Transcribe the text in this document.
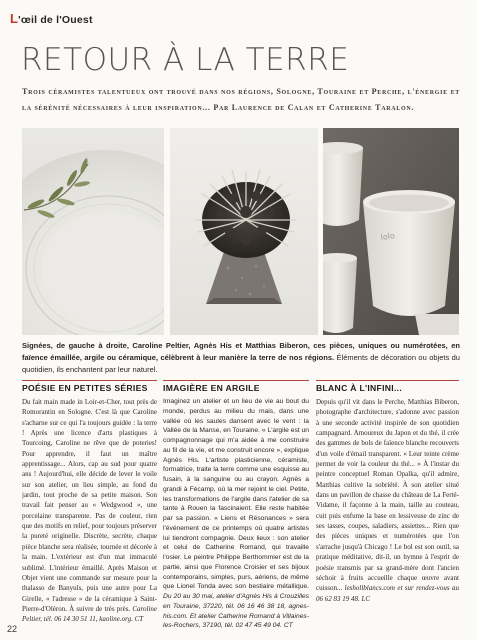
L'œil de l'Ouest
RETOUR À LA TERRE
Trois céramistes talentueux ont trouvé dans nos régions, Sologne, Touraine et Perche, l'énergie et la sérénité nécessaires à leur inspiration... Par Laurence de Calan et Catherine Taralon.
lolo
Signées, de gauche à droite, Caroline Peltier, Agnès His et Matthias Biberon, ces pièces, uniques ou numérotées, en faïence émaillée, argile ou céramique, célèbrent à leur manière la terre de nos régions. Éléments de décoration ou objets du quotidien, ils enchantent par leur naturel.
POÉSIE EN PETITES SÉRIES

Du fait main made in Loir-et-Cher, tout près de Romorantin en Sologne. C'est là que Caroline s'acharne sur ce qui l'a toujours guidée : la terre ! Après une licence d'arts plastiques à Tourcoing, Caroline ne rêve que de poteries! Pour apprendre, il faut un maître apprentissage... Alors, cap au sud pour quatre ans ! Aujourd'hui, elle décide de lever le voile sur son atelier, un lieu simple, au fond du jardin, tout proche de sa petite maison. Son travail fait penser au « Wedgwood », une porcelaine transparente. Pas de couleur, rien que des motifs en relief, pour toujours préserver la pureté originelle. Discrète, secrète, chaque pièce blanche sera réalisée, tournée et décorée à la main. L'extérieur est d'un mat immaculé sublimé. L'intérieur émaillé. Après Maison et Objet vient une commande sur mesure pour la thalasso de Banyuls, puis une autre pour La Girelle, « l'adresse » de la céramique à Saint-Pierre-d'Oléron. À suivre de très près. Caroline Peltier, tél. 06 14 30 51 11, kaoline.org. CT

IMAGIÈRE EN ARGILE

Imaginez un atelier et un lieu de vie au bout du monde, perdus au milieu du mais, dans une vallée où les saules dansent avec le vent : la Vallée de la Manse, en Touraine. « L'argile est un compagnonnage qui m'a aidée à me construire au fil de la vie, et me construit encore », explique Agnès His. L'artiste plasticienne, céramiste, formatrice, traite la terre comme une esquisse au fusain, à la sanguine ou au crayon. Agnès a grandi à Fécamp, où la mer rejoint le ciel. Petite, les transformations de l'argile dans l'atelier de sa tante à Rouen la fascinaient. Elle reste habitée par sa passion. « Liens et Résonances » sera l'événement de ce printemps où quatre artistes lui tiendront compagnie. Deux lieux : son atelier et celui de Catherine Romand, qui travaille l'osier. Le peintre Philippe Berthommier est de la partie, ainsi que Florence Croisier et ses bijoux contemporains, simples, purs, aériens, de même que Lionel Tonda avec son bestiaire métallique. Du 20 au 30 mai, atelier d'Agnès His à Crouzilles en Touraine, 37220, tél. 06 16 46 38 18, agnes-his.com. Et atelier Catherine Romand à Villaines-les-Rochers, 37190, tél. 02 47 45 49 04. CT

BLANC À L'INFINI...

Depuis qu'il vit dans le Perche, Matthias Biberon, photographe d'architecture, s'adonne avec passion à une seconde activité inspirée de son quotidien campagnard. Amoureux du Japon et du thé, il crée des gammes de bols de faïence blanche recouverts d'un voile d'émail transparent. « Leur teinte crème permet de voir la couleur du thé... » À l'instar du peintre conceptuel Roman Opalka, qu'il admire, Matthias cultive la sobriété. À son atelier situé dans un pavillon de chasse du château de La Ferté-Vidame, il façonne à la main, taille au couteau, cuit puis enfume la base en lessiveuse de zinc de ses tasses, coupes, saladiers, assiettes... Rien que des pièces uniques et numérotées que l'on s'arrache jusqu'à Chicago ! Le bol est son outil, sa pratique méditative, dit-il, un hymne à l'esprit de poésie transmis par sa grand-mère dont l'ancien séchoir à fruits accueille chaque œuvre avant cuisson... leshollblancs.com et sur rendez-vous au 06 62 83 19 48. LC

22
